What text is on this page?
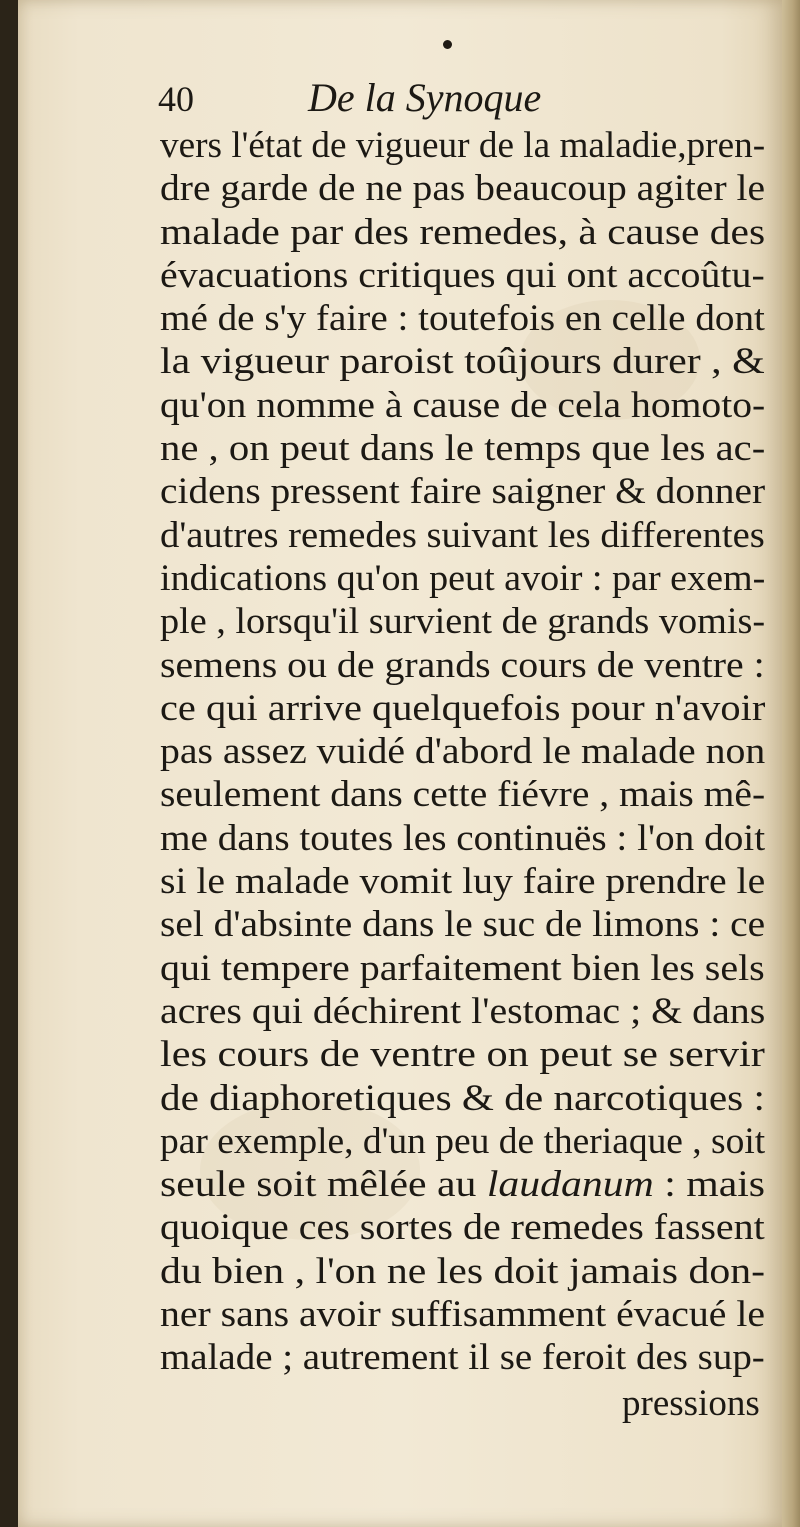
40	De la Synoque
vers l'état de vigueur de la maladie,pren-
dre garde de ne pas beaucoup agiter le
malade par des remedes, à cause des
évacuations critiques qui ont accoûtu-
mé de s'y faire : toutefois en celle dont
la vigueur paroist toûjours durer , &
qu'on nomme à cause de cela homoto-
ne , on peut dans le temps que les ac-
cidens pressent faire saigner & donner
d'autres remedes suivant les differentes
indications qu'on peut avoir : par exem-
ple , lorsqu'il survient de grands vomis-
semens ou de grands cours de ventre :
ce qui arrive quelquefois pour n'avoir
pas assez vuidé d'abord le malade non
seulement dans cette fiévre , mais mê-
me dans toutes les continuës : l'on doit
si le malade vomit luy faire prendre le
sel d'absinte dans le suc de limons : ce
qui tempere parfaitement bien les sels
acres qui déchirent l'estomac ; & dans
les cours de ventre on peut se servir
de diaphoretiques & de narcotiques :
par exemple, d'un peu de theriaque , soit
seule soit mêlée au laudanum : mais
quoique ces sortes de remedes fassent
du bien , l'on ne les doit jamais don-
ner sans avoir suffisamment évacué le
malade ; autrement il se feroit des sup-
pressions
